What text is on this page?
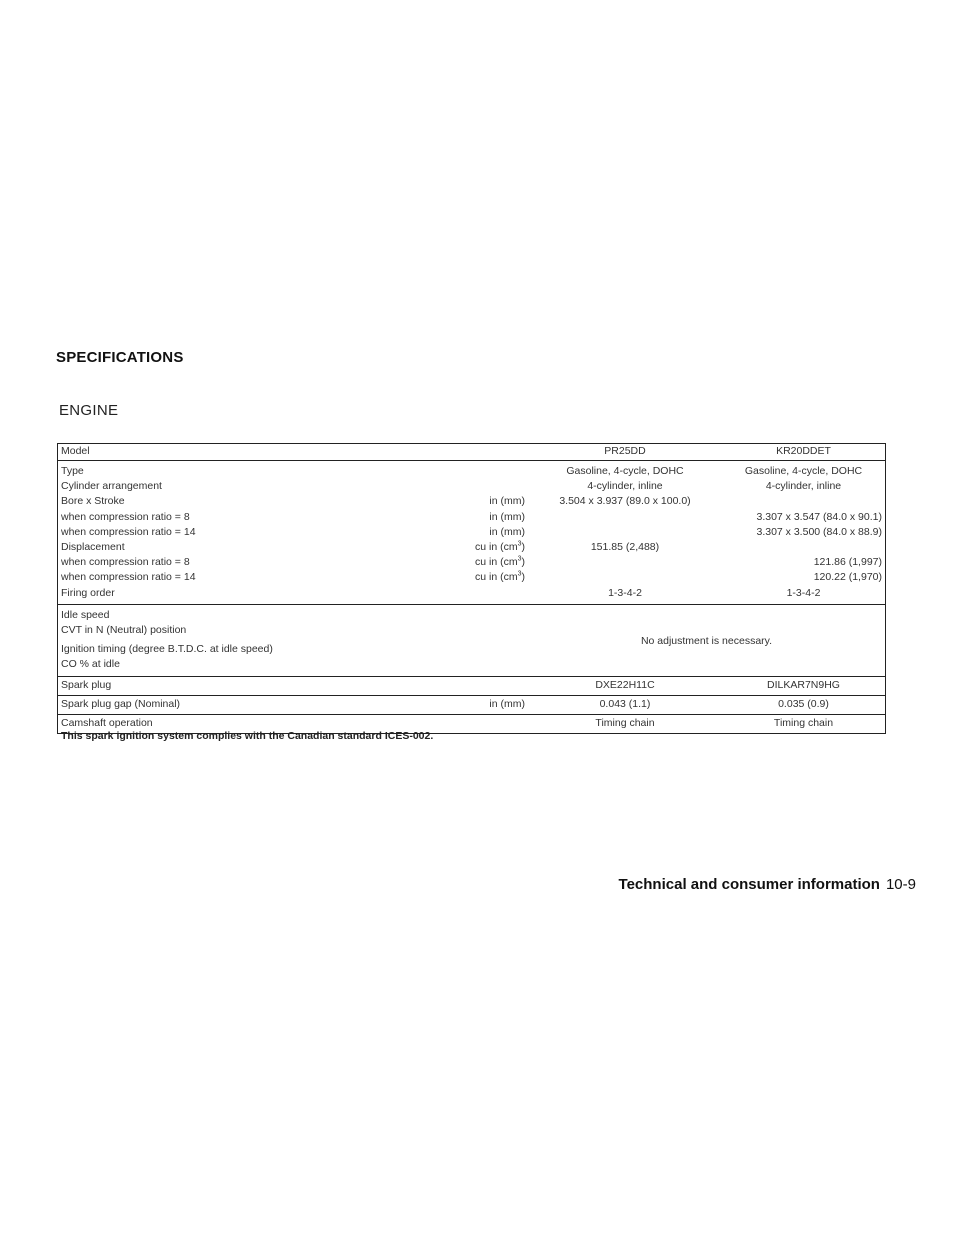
SPECIFICATIONS
ENGINE
Model		PR25DD	KR20DDET
Type		Gasoline, 4-cycle, DOHC	Gasoline, 4-cycle, DOHC
Cylinder arrangement		4-cylinder, inline	4-cylinder, inline
Bore x Stroke	in (mm)	3.504 x 3.937 (89.0 x 100.0)	
when compression ratio = 8	in (mm)		3.307 x 3.547 (84.0 x 90.1)
when compression ratio = 14	in (mm)		3.307 x 3.500 (84.0 x 88.9)
Displacement	cu in $(cm^3)$	151.85 (2,488)	
when compression ratio = 8	cu in $(cm^3)$		121.86 (1,997)
when compression ratio = 14	cu in $(cm^3)$		120.22 (1,970)
Firing order		1-3-4-2	1-3-4-2
Idle speed		No adjustment is necessary.	
CVT in N (Neutral) position			
Ignition timing (degree B.T.D.C. at idle speed)			
CO % at idle			
Spark plug		DXE22H11C	DILKAR7N9HG
Spark plug gap (Nominal)	in (mm)	0.043 (1.1)	0.035 (0.9)
Camshaft operation		Timing chain	Timing chain
This spark ignition system complies with the Canadian standard ICES-002.
Technical and consumer information 10-9
